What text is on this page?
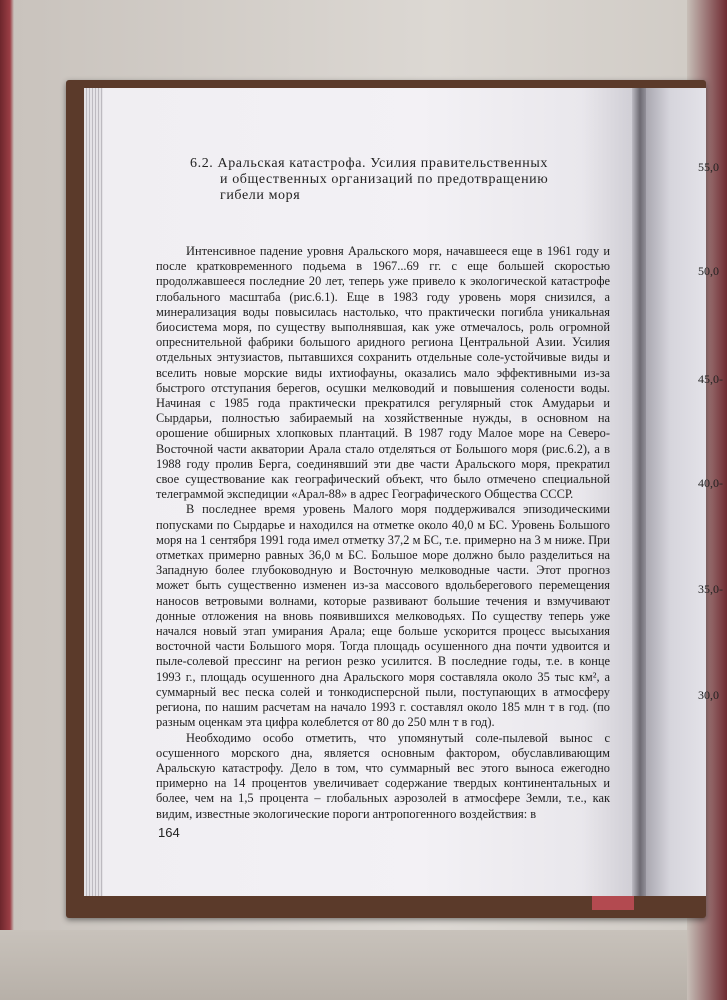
6.2. Аральская катастрофа. Усилия правительственных
и общественных организаций по предотвращению
гибели моря

Интенсивное падение уровня Аральского моря, начавшееся еще в 1961 году и после кратковременного подьема в 1967...69 гг. с еще большей скоростью продолжавшееся последние 20 лет, теперь уже привело к экологической катастрофе глобального масштаба (рис.6.1). Еще в 1983 году уровень моря снизился, а минерализация воды повысилась настолько, что практически погибла уникальная биосистема моря, по существу выполнявшая, как уже отмечалось, роль огромной опреснительной фабрики большого аридного региона Центральной Азии. Усилия отдельных энтузиастов, пытавшихся сохранить отдельные соле-устойчивые виды и вселить новые морские виды ихтиофауны, оказались мало эффективными из-за быстрого отступания берегов, осушки мелководий и повышения солености воды. Начиная с 1985 года практически прекратился регулярный сток Амударьи и Сырдарьи, полностью забираемый на хозяйственные нужды, в основном на орошение обширных хлопковых плантаций. В 1987 году Малое море на Северо-Восточной части акватории Арала стало отделяться от Большого моря (рис.6.2), а в 1988 году пролив Берга, соединявший эти две части Аральского моря, прекратил свое существование как географический объект, что было отмечено специальной телеграммой экспедиции «Арал-88» в адрес Географического Общества СССР.

В последнее время уровень Малого моря поддерживался эпизодическими попусками по Сырдарье и находился на отметке около 40,0 м БС. Уровень Большого моря на 1 сентября 1991 года имел отметку 37,2 м БС, т.е. примерно на 3 м ниже. При отметках примерно равных 36,0 м БС. Большое море должно было разделиться на Западную более глубоководную и Восточную мелководные части. Этот прогноз может быть существенно изменен из-за массового вдольберегового перемещения наносов ветровыми волнами, которые развивают большие течения и взмучивают донные отложения на вновь появившихся мелководьях. По существу теперь уже начался новый этап умирания Арала; еще больше ускорится процесс высыхания восточной части Большого моря. Тогда площадь осушенного дна почти удвоится и пыле-солевой прессинг на регион резко усилится. В последние годы, т.е. в конце 1993 г., площадь осушенного дна Аральского моря составляла около 35 тыс км², а суммарный вес песка солей и тонкодисперсной пыли, поступающих в атмосферу региона, по нашим расчетам на начало 1993 г. составлял около 185 млн т в год. (по разным оценкам эта цифра колеблется от 80 до 250 млн т в год).

Необходимо особо отметить, что упомянутый соле-пылевой вынос с осушенного морского дна, является основным фактором, обуславливающим Аральскую катастрофу. Дело в том, что суммарный вес этого выноса ежегодно примерно на 14 процентов увеличивает содержание твердых континентальных и более, чем на 1,5 процента – глобальных аэрозолей в атмосфере Земли, т.е., как видим, известные экологические пороги антропогенного воздействия: в

164
55,0
50,0
45,0-
40,0-
35,0-
30,0
